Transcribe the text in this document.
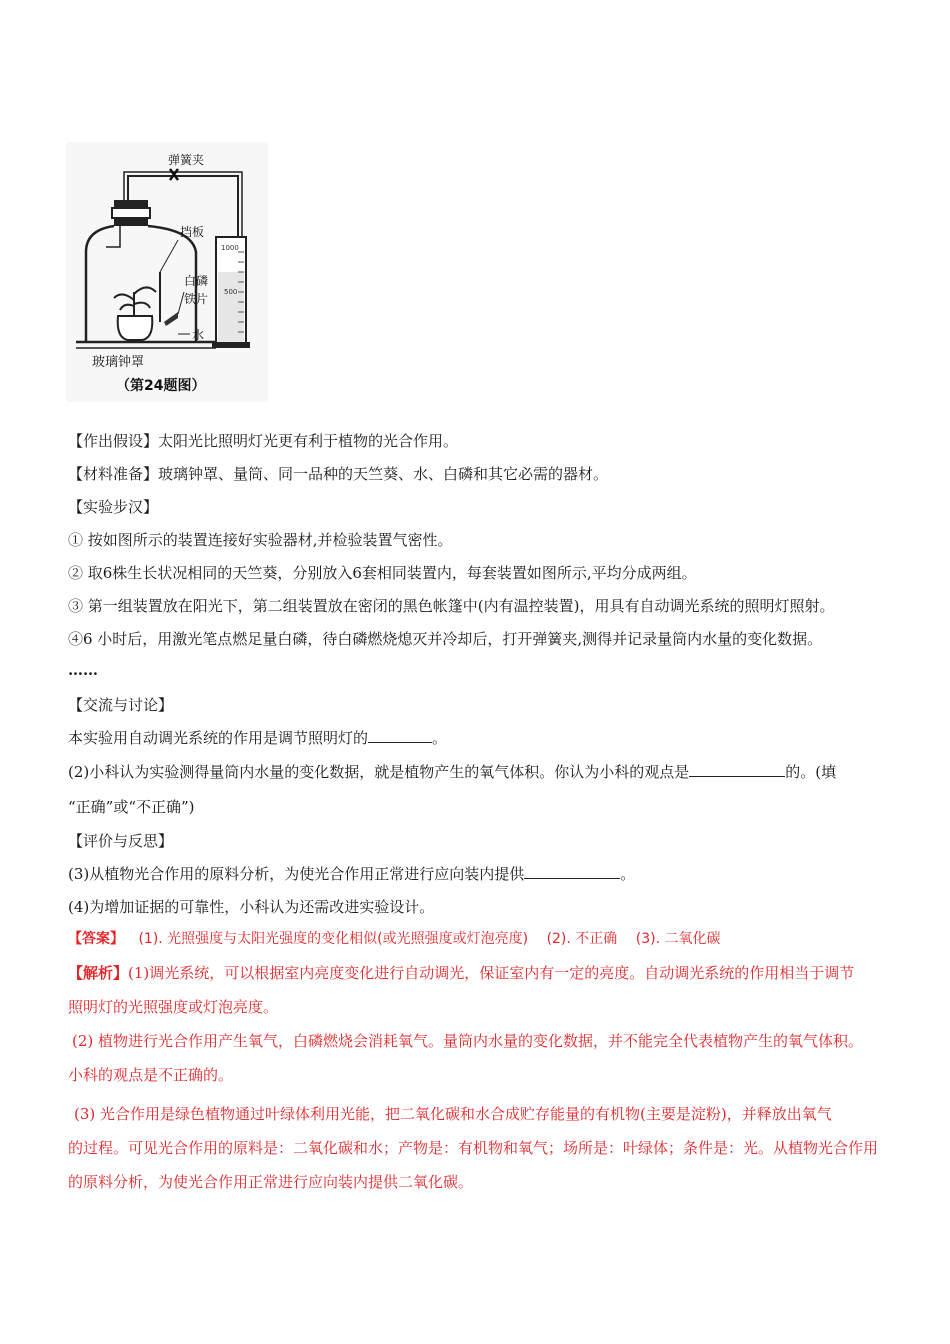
弹簧夹
挡板
白磷
铁片
水
1000
500
玻璃钟罩
（第24题图）
【作出假设】太阳光比照明灯光更有利于植物的光合作用。
【材料准备】玻璃钟罩、量筒、同一品种的天竺葵、水、白磷和其它必需的器材。
【实验步汉】
① 按如图所示的装置连接好实验器材,并检验装置气密性。
② 取6株生长状况相同的天竺葵，分别放入6套相同装置内，每套装置如图所示,平均分成两组。
③ 第一组装置放在阳光下，第二组装置放在密闭的黑色帐篷中(内有温控装置)，用具有自动调光系统的照明灯照射。
④6 小时后，用激光笔点燃足量白磷，待白磷燃烧熄灭并冷却后，打开弹簧夹,测得并记录量筒内水量的变化数据。
……
【交流与讨论】
本实验用自动调光系统的作用是调节照明灯的	。
(2)小科认为实验测得量筒内水量的变化数据，就是植物产生的氧气体积。你认为小科的观点是	的。(填
“正确”或“不正确”)
【评价与反思】
(3)从植物光合作用的原料分析，为使光合作用正常进行应向装内提供	。
(4)为增加证据的可靠性，小科认为还需改进实验设计。
【答案】 (1). 光照强度与太阳光强度的变化相似(或光照强度或灯泡亮度) (2). 不正确 (3). 二氧化碳
【解析】(1)调光系统，可以根据室内亮度变化进行自动调光，保证室内有一定的亮度。自动调光系统的作用相当于调节
照明灯的光照强度或灯泡亮度。
(2) 植物进行光合作用产生氧气，白磷燃烧会消耗氧气。量筒内水量的变化数据，并不能完全代表植物产生的氧气体积。
小科的观点是不正确的。
(3) 光合作用是绿色植物通过叶绿体利用光能，把二氧化碳和水合成贮存能量的有机物(主要是淀粉)，并释放出氧气
的过程。可见光合作用的原料是：二氧化碳和水；产物是：有机物和氧气；场所是：叶绿体；条件是：光。从植物光合作用
的原料分析，为使光合作用正常进行应向装内提供二氧化碳。
